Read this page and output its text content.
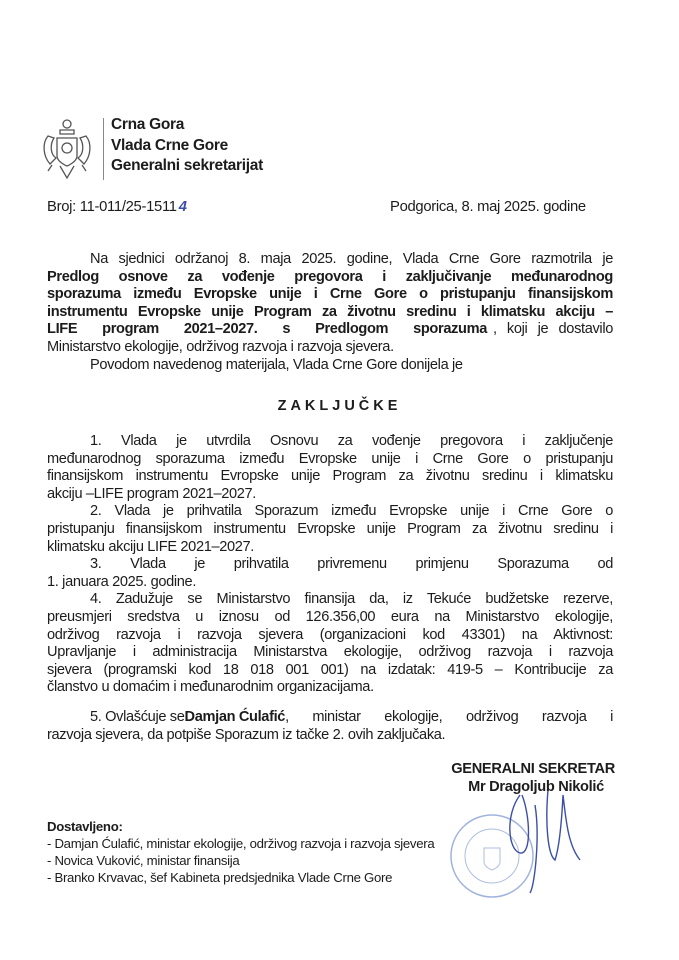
Crna Gora
Vlada Crne Gore
Generalni sekretarijat
Broj: 11-011/25-1511 4	Podgorica, 8. maj 2025. godine
Na sjednici održanoj 8. maja 2025. godine, Vlada Crne Gore razmotrila je
Predlog osnove za vođenje pregovora i zaključivanje međunarodnog
sporazuma između Evropske unije i Crne Gore o pristupanju finansijskom
instrumentu Evropske unije Program za životnu sredinu i klimatsku akciju –
LIFE program 2021–2027. s Predlogom sporazuma , koji je dostavilo
Ministarstvo ekologije, održivog razvoja i razvoja sjevera.
Povodom navedenog materijala, Vlada Crne Gore donijela je
ZAKLJUČKE
1. Vlada je utvrdila Osnovu za vođenje pregovora i zaključenje
međunarodnog sporazuma između Evropske unije i Crne Gore o pristupanju
finansijskom instrumentu Evropske unije Program za životnu sredinu i klimatsku
akciju –LIFE program 2021–2027.
2. Vlada je prihvatila Sporazum između Evropske unije i Crne Gore o
pristupanju finansijskom instrumentu Evropske unije Program za životnu sredinu i
klimatsku akciju LIFE 2021–2027.
3. Vlada je prihvatila privremenu primjenu Sporazuma od
1. januara 2025. godine.
4. Zadužuje se Ministarstvo finansija da, iz Tekuće budžetske rezerve,
preusmjeri sredstva u iznosu od 126.356,00 eura na Ministarstvo ekologije,
održivog razvoja i razvoja sjevera (organizacioni kod 43301) na Aktivnost:
Upravljanje i administracija Ministarstva ekologije, održivog razvoja i razvoja
sjevera (programski kod 18 018 001 001) na izdatak: 419-5 – Kontribucije za
članstvo u domaćim i međunarodnim organizacijama.
5. Ovlašćuje se Damjan Ćulafić , ministar ekologije, održivog razvoja i
razvoja sjevera, da potpiše Sporazum iz tačke 2. ovih zaključaka.
GENERALNI SEKRETAR
Mr Dragoljub Nikolić
Dostavljeno:
- Damjan Ćulafić, ministar ekologije, održivog razvoja i razvoja sjevera
- Novica Vuković, ministar finansija
- Branko Krvavac, šef Kabineta predsjednika Vlade Crne Gore
